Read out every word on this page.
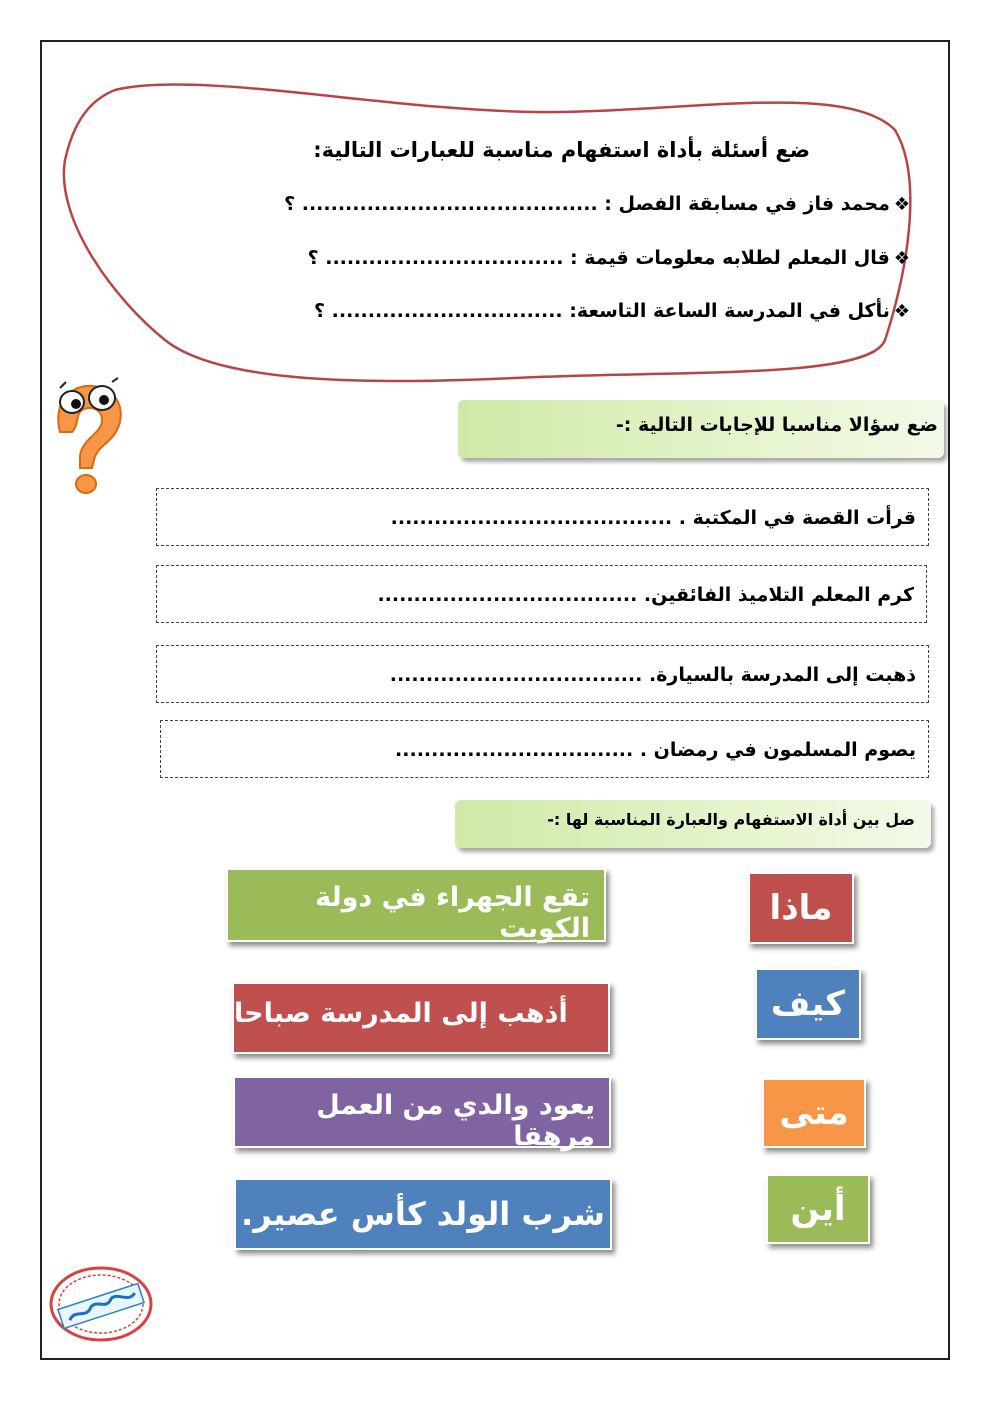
ضع أسئلة بأداة استفهام مناسبة للعبارات التالية:
❖
محمد فاز في مسابقة الفصل : ......................................... ؟
❖
قال المعلم لطلابه معلومات قيمة : ................................. ؟
❖
نأكل في المدرسة الساعة التاسعة: ................................ ؟
ضع سؤالا مناسبا للإجابات التالية :-
قرأت القصة في المكتبة . .......................................
كرم المعلم التلاميذ الفائقين. ....................................
ذهبت إلى المدرسة بالسيارة. ...................................
يصوم المسلمون في رمضان . .................................
صل بين أداة الاستفهام والعبارة المناسبة لها :-
ماذا
كيف
متى
أين
تقع الجهراء في دولة الكويت
أذهب إلى المدرسة صباحا
يعود والدي من العمل مرهقا
شرب الولد كأس عصير.
